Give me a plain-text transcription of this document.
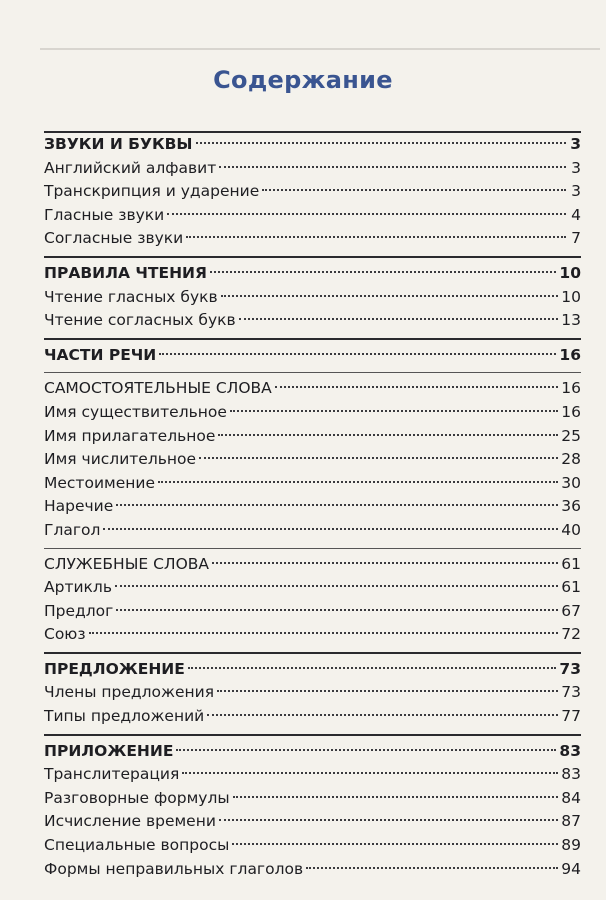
Содержание
ЗВУКИ И БУКВЫ	3
Английский алфавит	3
Транскрипция и ударение	3
Гласные звуки	4
Согласные звуки	7
ПРАВИЛА ЧТЕНИЯ	10
Чтение гласных букв	10
Чтение согласных букв	13
ЧАСТИ РЕЧИ	16
САМОСТОЯТЕЛЬНЫЕ СЛОВА	16
Имя существительное	16
Имя прилагательное	25
Имя числительное	28
Местоимение	30
Наречие	36
Глагол	40
СЛУЖЕБНЫЕ СЛОВА	61
Артикль	61
Предлог	67
Союз	72
ПРЕДЛОЖЕНИЕ	73
Члены предложения	73
Типы предложений	77
ПРИЛОЖЕНИЕ	83
Транслитерация	83
Разговорные формулы	84
Исчисление времени	87
Специальные вопросы	89
Формы неправильных глаголов	94
